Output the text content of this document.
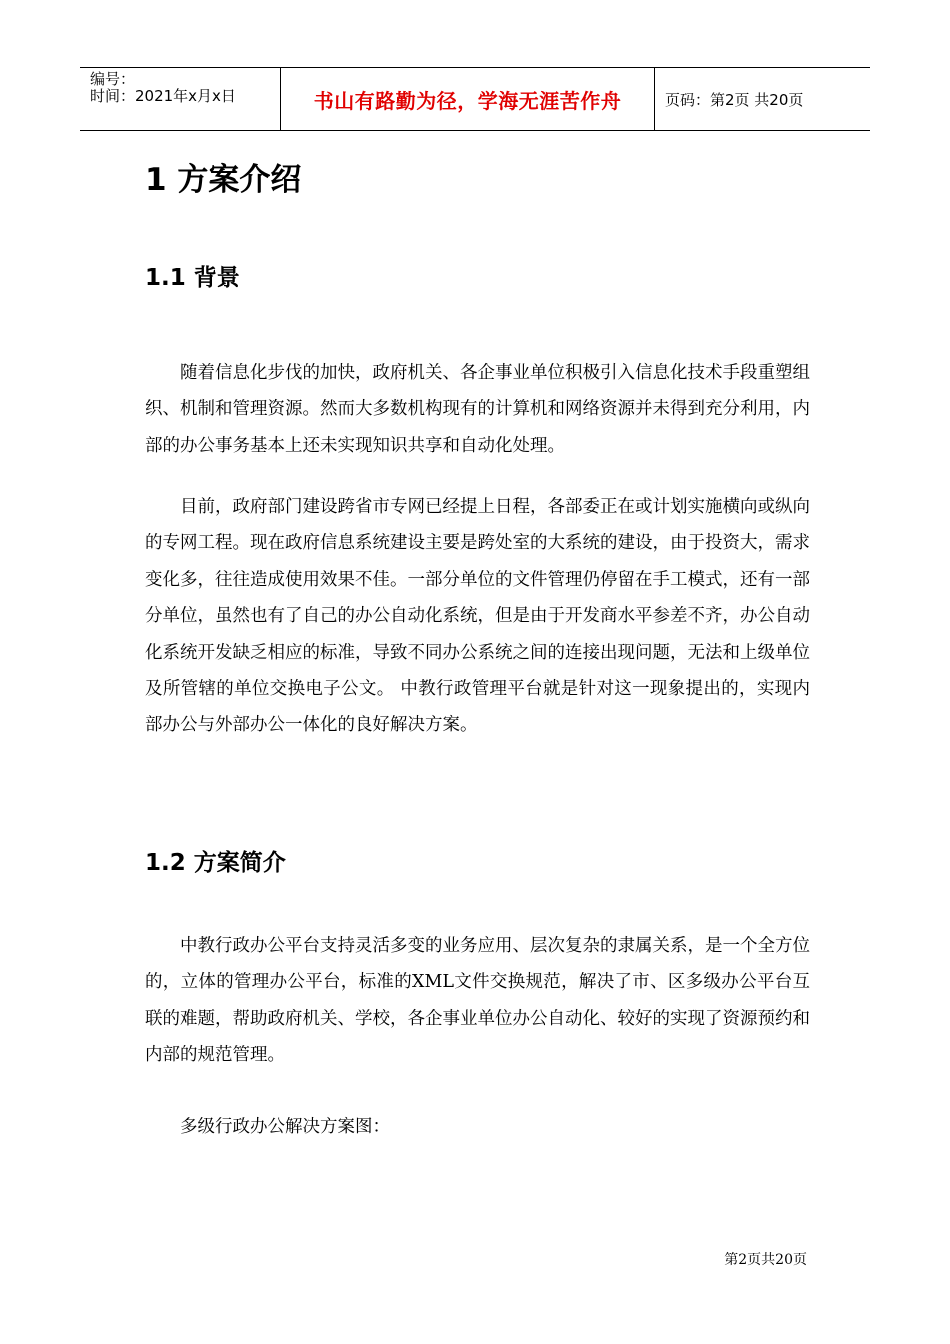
编号：
时间：2021年x月x日	书山有路勤为径，学海无涯苦作舟	页码：第2页 共20页
1 方案介绍
1.1 背景

随着信息化步伐的加快，政府机关、各企事业单位积极引入信息化技术手段重塑组织、机制和管理资源。然而大多数机构现有的计算机和网络资源并未得到充分利用，内部的办公事务基本上还未实现知识共享和自动化处理。

目前，政府部门建设跨省市专网已经提上日程，各部委正在或计划实施横向或纵向的专网工程。现在政府信息系统建设主要是跨处室的大系统的建设，由于投资大，需求变化多，往往造成使用效果不佳。一部分单位的文件管理仍停留在手工模式，还有一部分单位，虽然也有了自己的办公自动化系统，但是由于开发商水平参差不齐，办公自动化系统开发缺乏相应的标准，导致不同办公系统之间的连接出现问题，无法和上级单位及所管辖的单位交换电子公文。 中教行政管理平台就是针对这一现象提出的，实现内部办公与外部办公一体化的良好解决方案。

1.2 方案简介

中教行政办公平台支持灵活多变的业务应用、层次复杂的隶属关系，是一个全方位的，立体的管理办公平台，标准的XML文件交换规范，解决了市、区多级办公平台互联的难题，帮助政府机关、学校，各企事业单位办公自动化、较好的实现了资源预约和内部的规范管理。

多级行政办公解决方案图：

第2页共20页
